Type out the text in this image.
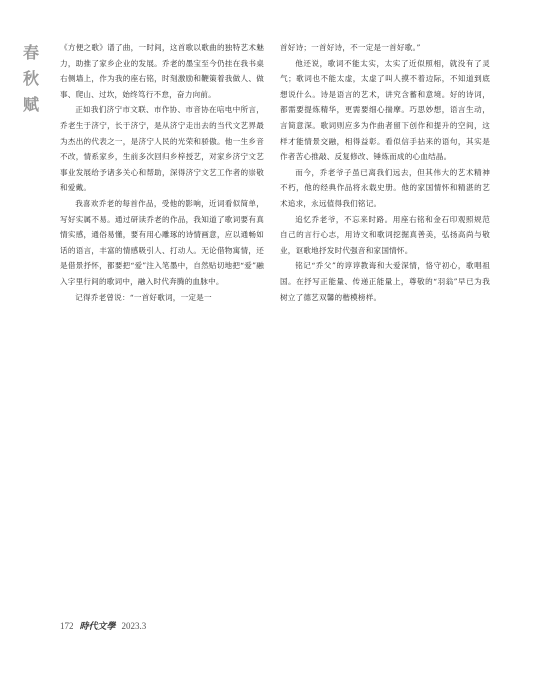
春
秋
赋

《方便之歌》谱了曲，一时间，这首歌以歌曲的独特艺术魅力，助推了家乡企业的发展。乔老的墨宝至今仍挂在我书桌右侧墙上，作为我的座右铭，时刻激励和鞭策着我做人、做事、爬山、过坎，始终笃行不怠，奋力向前。

正如我们济宁市文联、市作协、市音协在唁电中所言，乔老生于济宁，长于济宁，是从济宁走出去的当代文艺界最为杰出的代表之一，是济宁人民的光荣和骄傲。他一生乡音不改，情系家乡，生前多次回归乡梓授艺，对家乡济宁文艺事业发展给予诸多关心和帮助，深得济宁文艺工作者的崇敬和爱戴。

我喜欢乔老的每首作品，受他的影响，近词看似简单，写好实属不易。通过研读乔老的作品，我知道了歌词要有真情实感，通俗易懂，要有用心雕琢的诗情画意，应以通畅如话的语言，丰富的情感吸引人、打动人。无论借物寓情，还是借景抒怀，都要把“爱”注入笔墨中，自然贴切地把“爱”融入字里行间的歌词中，融入时代奔腾的血脉中。

记得乔老曾说：“一首好歌词，一定是一

首好诗；一首好诗，不一定是一首好歌。”

他还说，歌词不能太实，太实了近似照相，就没有了灵气；歌词也不能太虚，太虚了叫人摸不着边际，不知道到底想说什么。诗是语言的艺术，讲究含蓄和意境。好的诗词，都需要提炼精华，更需要细心揣摩。巧思妙想，语言生动，言简意深。歌词则应多为作曲者留下创作和提升的空间，这样才能情景交融，相得益彰。看似信手拈来的语句，其实是作者苦心推敲、反复修改、锤炼而成的心血结晶。

而今，乔老爷子虽已离我们远去，但其伟大的艺术精神不朽，他的经典作品将永载史册。他的家国情怀和精湛的艺术追求，永远值得我们铭记。

追忆乔老爷，不忘来时路。用座右铭和金石印观照规范自己的言行心志，用诗文和歌词挖掘真善美，弘扬高尚与敬业，讴歌地抒发时代强音和家国情怀。

铭记“乔父”的谆谆教诲和大爱深情，恪守初心，歌唱祖国。在抒写正能量、传递正能量上，尊敬的“羽翁”早已为我树立了德艺双馨的楷模榜样。

172 時代文學 2023.3
